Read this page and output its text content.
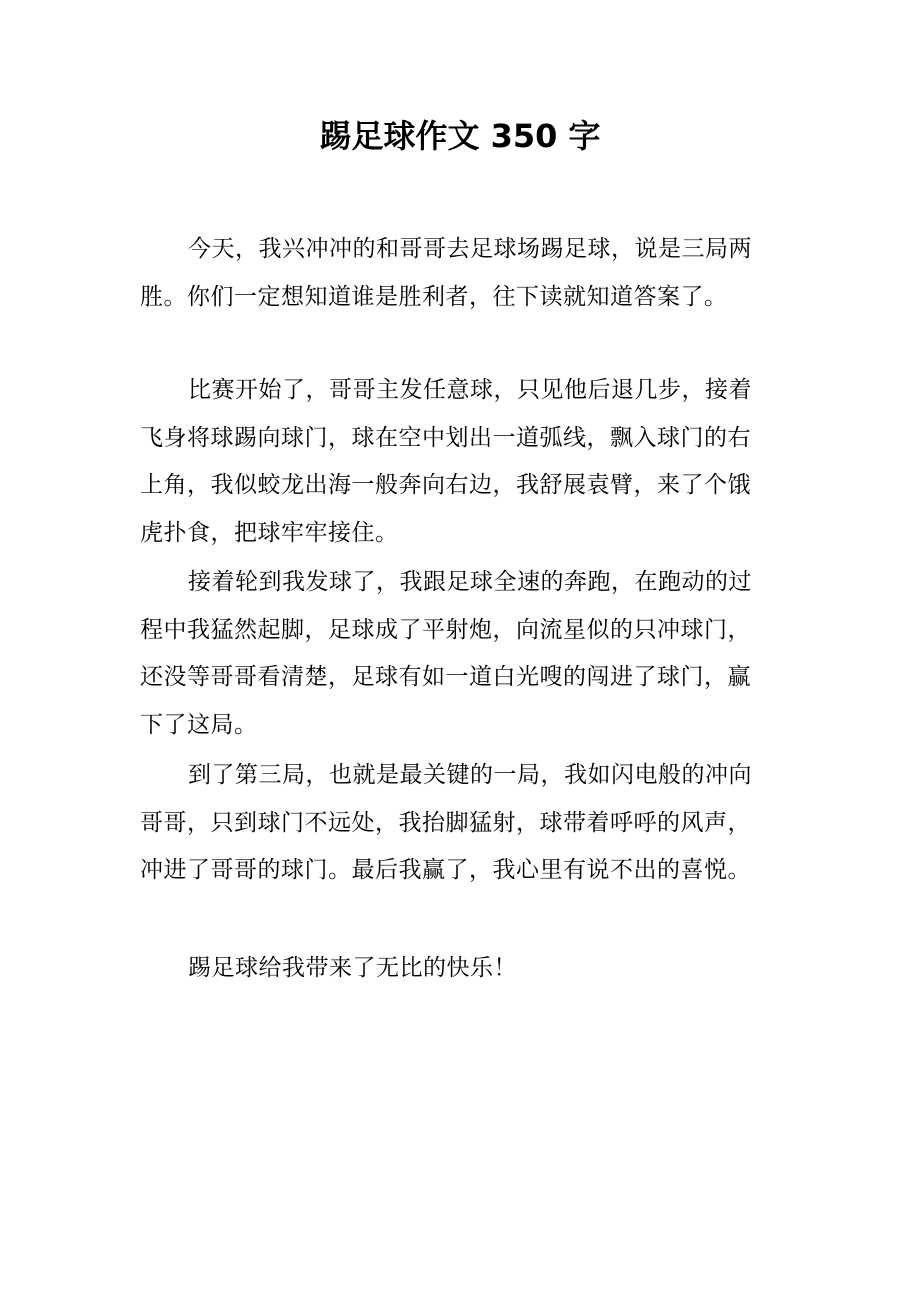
踢足球作文 350 字

今天，我兴冲冲的和哥哥去足球场踢足球，说是三局两胜。你们一定想知道谁是胜利者，往下读就知道答案了。

比赛开始了，哥哥主发任意球，只见他后退几步，接着飞身将球踢向球门，球在空中划出一道弧线，飘入球门的右上角，我似蛟龙出海一般奔向右边，我舒展袁臂，来了个饿虎扑食，把球牢牢接住。

接着轮到我发球了，我跟足球全速的奔跑，在跑动的过程中我猛然起脚，足球成了平射炮，向流星似的只冲球门，还没等哥哥看清楚，足球有如一道白光嗖的闯进了球门，赢下了这局。

到了第三局，也就是最关键的一局，我如闪电般的冲向哥哥，只到球门不远处，我抬脚猛射，球带着呼呼的风声，冲进了哥哥的球门。最后我赢了，我心里有说不出的喜悦。

踢足球给我带来了无比的快乐！
